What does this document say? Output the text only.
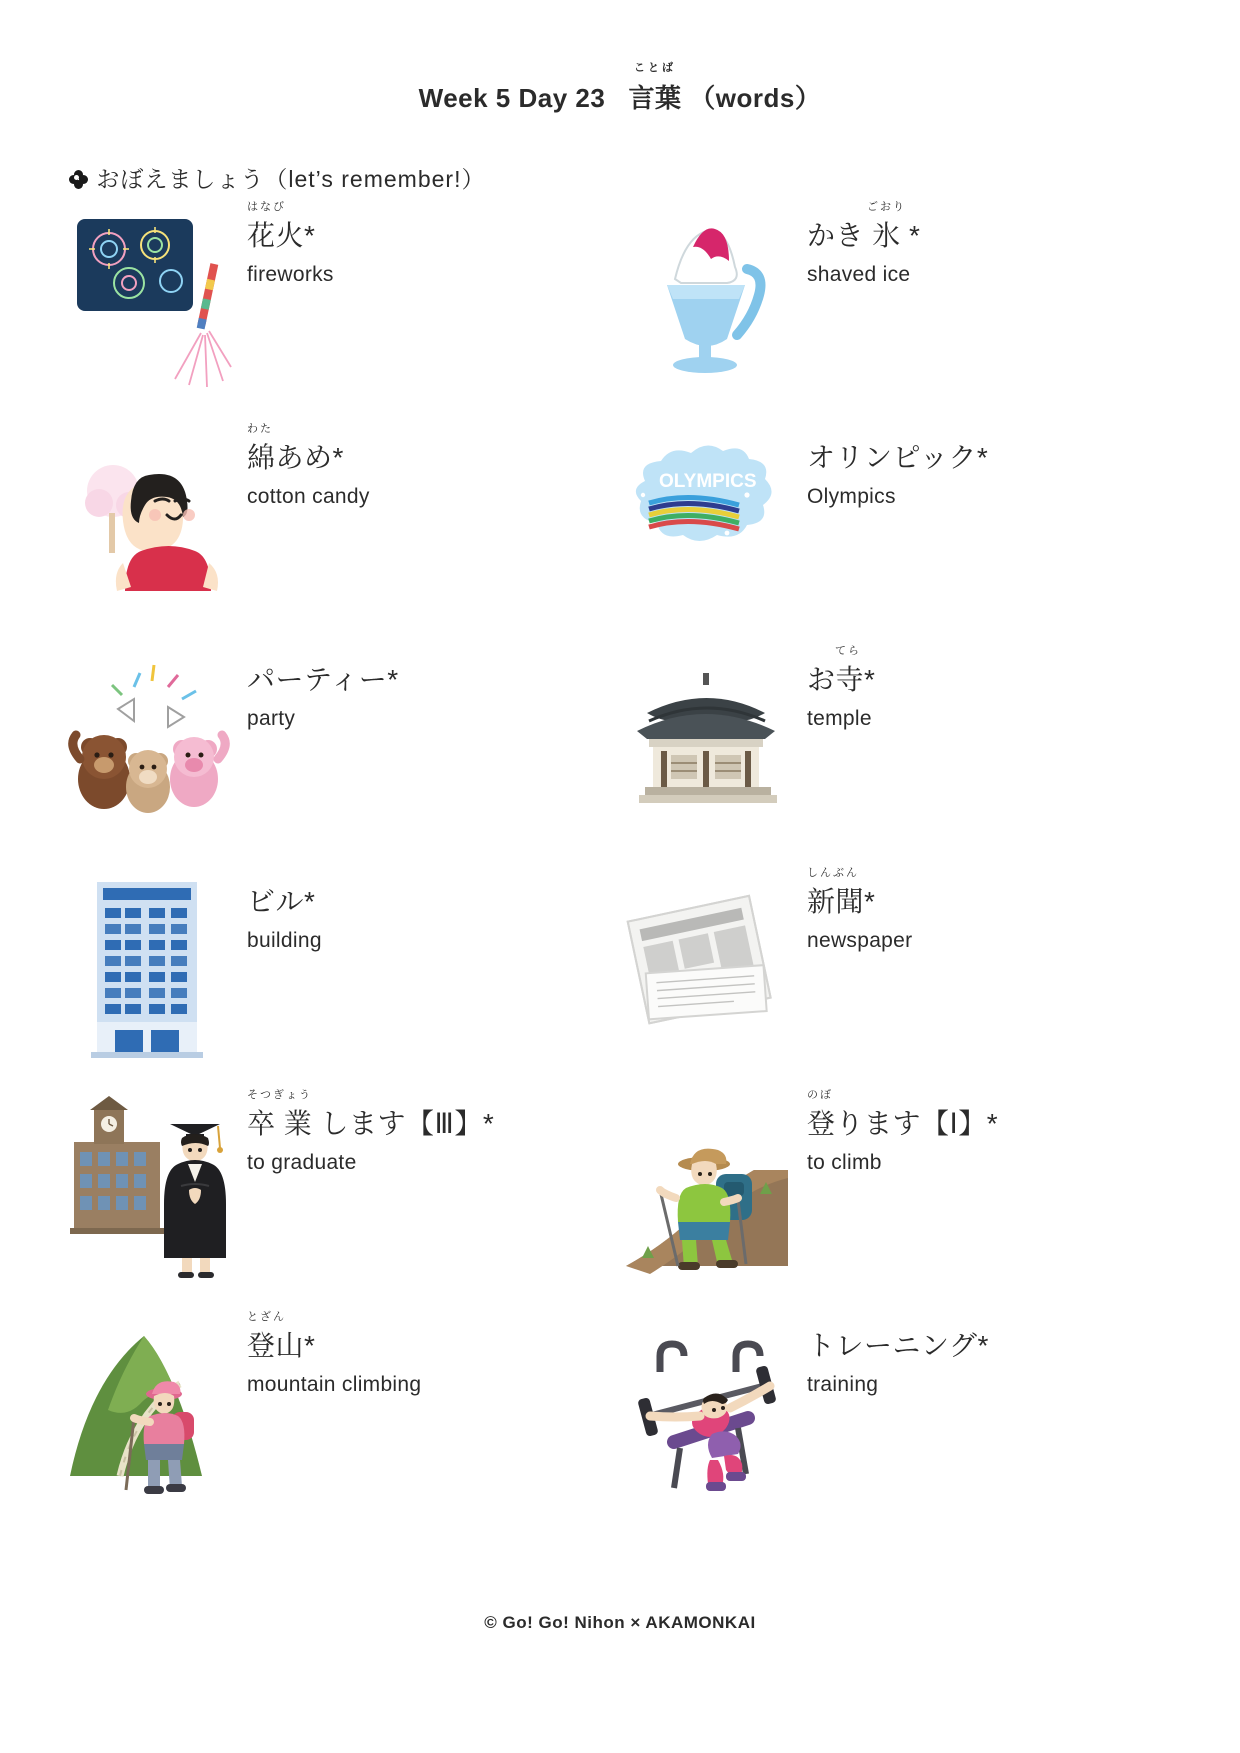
Week 5 Day 23
ことば
言葉 （words）
おぼえましょう（let’s remember!）
はなび
花火*
fireworks
ごおり
かき 氷 *
shaved ice
わた
綿あめ*
cotton candy
OLYMPICS
オリンピック*
Olympics
パーティー*
party
てら
お寺*
temple
ビル*
building
しんぶん
新聞*
newspaper
そつぎょう
卒 業 します【Ⅲ】*
to graduate
のぼ
登ります【Ⅰ】*
to climb
とざん
登山*
mountain climbing
トレーニング*
training
© Go! Go! Nihon × AKAMONKAI
